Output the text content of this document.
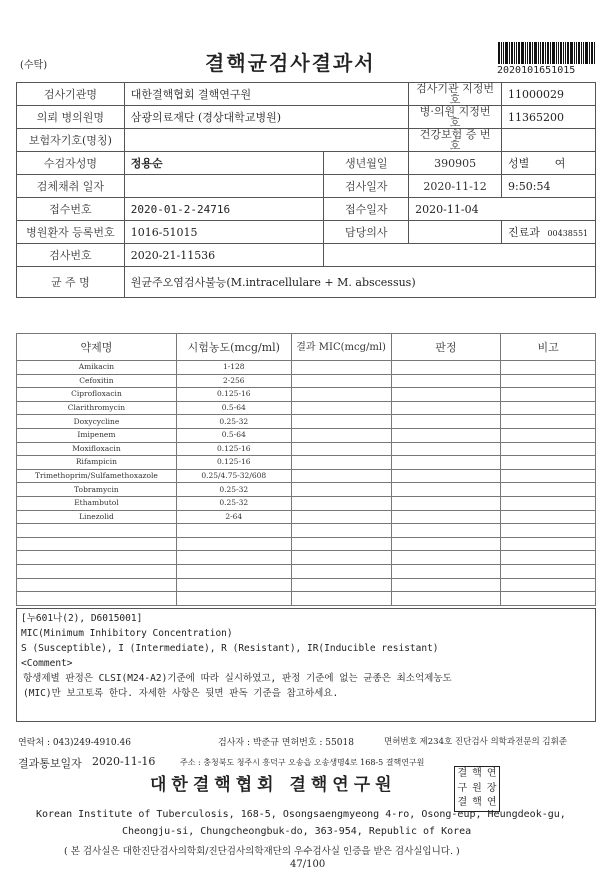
(수탁)	결핵균검사결과서	2020101651015
검사기관명	대한결핵협회 결핵연구원		검사기관 지정번호	11000029
의뢰 병의원명	삼광의료재단 (경상대학교병원)		병·의원 지정번호	11365200
보험자기호(명칭)			건강보험 증 번 호	
수검자성명	정용순	생년월일	390905	성별 여
검체채취 일자		검사일자	2020-11-12	9:50:54
접수번호	2020-01-2-24716	접수일자	2020-11-04	
병원환자 등록번호	1016-51015	담당의사		진료과 00438551
검사번호	2020-21-11536			
균 주 명	원균주오염검사불능(M.intracellulare + M. abscessus)			
약제명	시험농도(mcg/ml)	결과 MIC(mcg/ml)	판정	비고
Amikacin	1-128			
Cefoxitin	2-256			
Ciprofloxacin	0.125-16			
Clarithromycin	0.5-64			
Doxycycline	0.25-32			
Imipenem	0.5-64			
Moxifloxacin	0.125-16			
Rifampicin	0.125-16			
Trimethoprim/Sulfamethoxazole	0.25/4.75-32/608			
Tobramycin	0.25-32			
Ethambutol	0.25-32			
Linezolid	2-64			

[누601나(2), D6015001]
MIC(Minimum Inhibitory Concentration)
S (Susceptible), I (Intermediate), R (Resistant), IR(Inducible resistant)
<Comment>
항생제별 판정은 CLSI(M24-A2)기준에 따라 실시하였고, 판정 기준에 없는 균종은 최소억제농도
(MIC)만 보고토록 한다. 자세한 사항은 뒷면 판독 기준을 참고하세요.
연락처 : 043)249-4910.46	검사자 : 박준규 면허번호 : 55018	면허번호 제234호 진단검사 의학과전문의 김휘준
결과통보일자 2020-11-16	주소 : 충청북도 청주시 흥덕구 오송읍 오송생명4로 168-5 결핵연구원
대한결핵협회 결핵연구원
결 핵 연
구 원 장
결 핵 연
Korean Institute of Tuberculosis, 168-5, Osongsaengmyeong 4-ro, Osong-eup, Heungdeok-gu,
Cheongju-si, Chungcheongbuk-do, 363-954, Republic of Korea
( 본 검사실은 대한진단검사의학회/진단검사의학재단의 우수검사실 인증을 받은 검사실입니다. )
47/100
